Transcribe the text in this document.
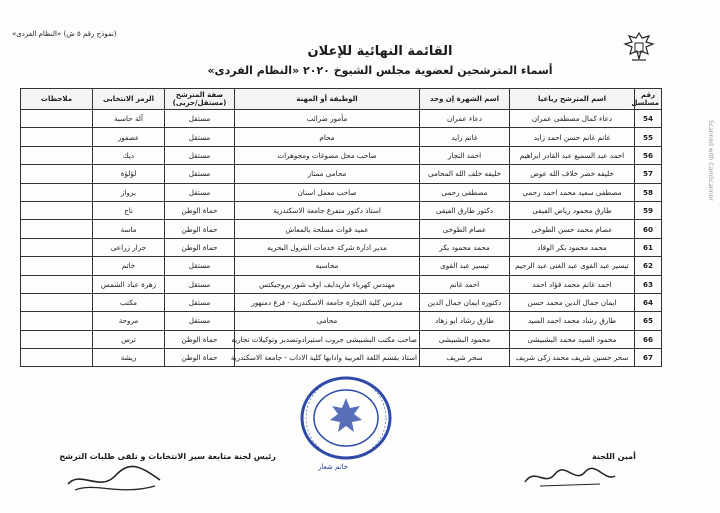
(نموذج رقم ٥ ش) «النظام الفردى»
القائمة النهائية للإعلان
أسماء المترشحين لعضوية مجلس الشيوخ ٢٠٢٠ «النظام الفردى»
Scanned with CamScanner
رقم مسلسل	اسم المترشح رباعيا	اسم الشهرة إن وجد	الوظيفة أو المهنة	صفة المترشح (مستقل/حزبى)	الرمز الانتخابى	ملاحظات
54	دعاء كمال مصطفى عمران	دعاء عمران	مأمور ضرائب	مستقل	آلة حاسبة	
55	غانم غانم حسن احمد زايد	غانم زايد	محام	مستقل	عصفور	
56	احمد عبد السميع عبد القادر ابراهيم	احمد النجار	صاحب محل مصوغات ومجوهرات	مستقل	ديك	
57	خليفه خضر خلاف الله عوض	خليفه خلف الله المحامى	محامى ممتاز	مستقل	لؤلؤة	
58	مصطفى سعيد محمد احمد رحمى	مصطفى رحمى	صاحب معمل اسنان	مستقل	برواز	
59	طارق محمود رياض الفيقى	دكتور طارق الفيقى	استاذ دكتور متفرغ جامعة الاسكندرية	حماة الوطن	تاج	
60	عصام محمد حسن الطوخى	عصام الطوخى	عميد قوات مسلحة بالمعاش	حماة الوطن	ماسة	
61	محمد محمود بكر الوقاد	محمد محمود بكر	مدير ادارة شركة خدمات البترول البحريه	حماة الوطن	جرار زراعى	
62	تيسير عبد القوى عبد الغنى عبد الرحيم	تيسير عبد القوى	محاسبه	مستقل	خاتم	
63	احمد غانم محمد فؤاد احمد	احمد غانم	مهندس كهرباء ماريدايف اوف شور بروجيكتس	مستقل	زهرة عباد الشمس	
64	ايمان جمال الدين محمد حسن	دكتوره ايمان جمال الدين	مدرس كلية التجارة جامعة الاسكندرية - فرع دمنهور	مستقل	مكتب	
65	طارق رشاد محمد احمد السيد	طارق رشاد ابو زهاد	محامى	مستقل	مروحة	
66	محمود السيد محمد البشبيشى	محمود البشبيشى	صاحب مكتب البشبيشى جروب استيرادوتصدير وتوكيلات تجاريه	حماة الوطن	ترس	
67	سحر حسين شريف محمد زكى شريف	سحر شريف	استاذ بقسم اللغة العربية وادابها كلية الاداب - جامعة الاسكندرية	حماة الوطن	ريشة	
أمين اللجنة
رئيس لجنة متابعة سير الانتخابات و تلقى طلبات الترشح
خاتم شعار
